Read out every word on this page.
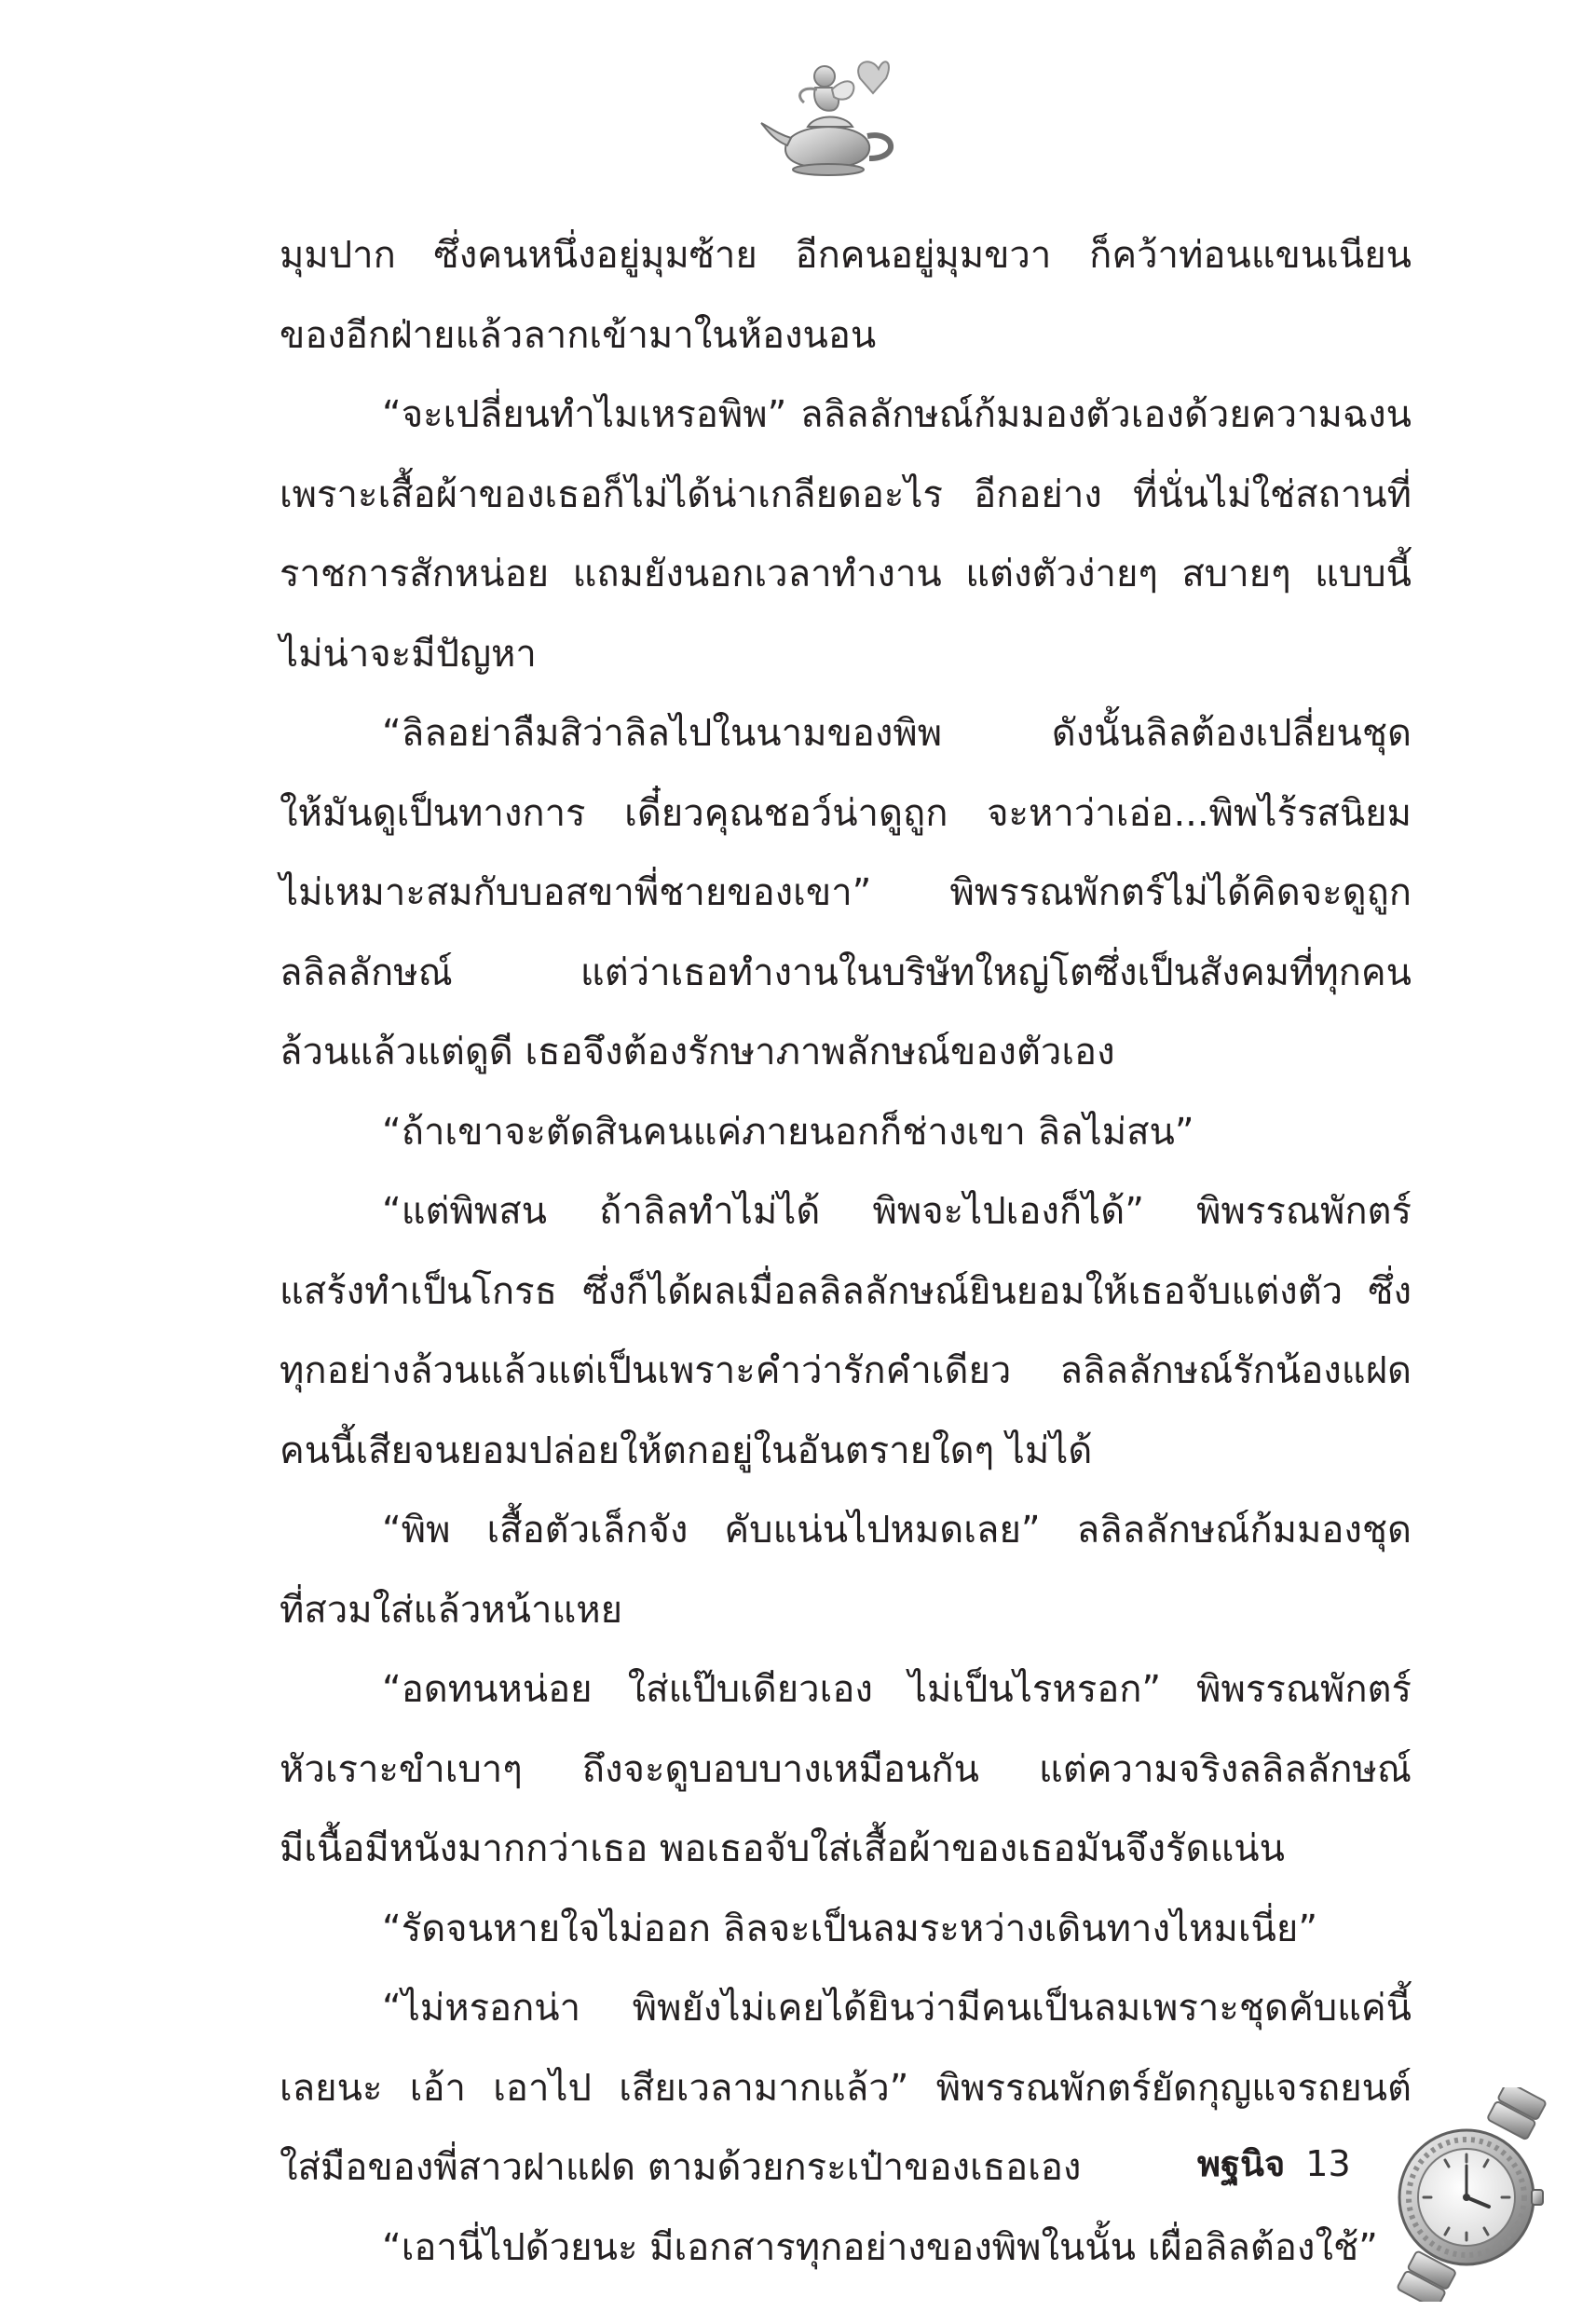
มุมปาก ซึ่งคนหนึ่งอยู่มุมซ้าย อีกคนอยู่มุมขวา ก็คว้าท่อนแขนเนียน
ของอีกฝ่ายแล้วลากเข้ามาในห้องนอน
“จะเปลี่ยนทำไมเหรอพิพ” ลลิลลักษณ์ก้มมองตัวเองด้วยความฉงน
เพราะเสื้อผ้าของเธอก็ไม่ได้น่าเกลียดอะไร อีกอย่าง ที่นั่นไม่ใช่สถานที่
ราชการสักหน่อย แถมยังนอกเวลาทำงาน แต่งตัวง่ายๆ สบายๆ แบบนี้
ไม่น่าจะมีปัญหา
“ลิลอย่าลืมสิว่าลิลไปในนามของพิพ ดังนั้นลิลต้องเปลี่ยนชุด
ให้มันดูเป็นทางการ เดี๋ยวคุณชอว์น่าดูถูก จะหาว่าเอ่อ...พิพไร้รสนิยม
ไม่เหมาะสมกับบอสขาพี่ชายของเขา” พิพรรณพักตร์ไม่ได้คิดจะดูถูก
ลลิลลักษณ์ แต่ว่าเธอทำงานในบริษัทใหญ่โตซึ่งเป็นสังคมที่ทุกคน
ล้วนแล้วแต่ดูดี เธอจึงต้องรักษาภาพลักษณ์ของตัวเอง
“ถ้าเขาจะตัดสินคนแค่ภายนอกก็ช่างเขา ลิลไม่สน”
“แต่พิพสน ถ้าลิลทำไม่ได้ พิพจะไปเองก็ได้” พิพรรณพักตร์
แสร้งทำเป็นโกรธ ซึ่งก็ได้ผลเมื่อลลิลลักษณ์ยินยอมให้เธอจับแต่งตัว ซึ่ง
ทุกอย่างล้วนแล้วแต่เป็นเพราะคำว่ารักคำเดียว ลลิลลักษณ์รักน้องแฝด
คนนี้เสียจนยอมปล่อยให้ตกอยู่ในอันตรายใดๆ ไม่ได้
“พิพ เสื้อตัวเล็กจัง คับแน่นไปหมดเลย” ลลิลลักษณ์ก้มมองชุด
ที่สวมใส่แล้วหน้าแหย
“อดทนหน่อย ใส่แป๊บเดียวเอง ไม่เป็นไรหรอก” พิพรรณพักตร์
หัวเราะขำเบาๆ ถึงจะดูบอบบางเหมือนกัน แต่ความจริงลลิลลักษณ์
มีเนื้อมีหนังมากกว่าเธอ พอเธอจับใส่เสื้อผ้าของเธอมันจึงรัดแน่น
“รัดจนหายใจไม่ออก ลิลจะเป็นลมระหว่างเดินทางไหมเนี่ย”
“ไม่หรอกน่า พิพยังไม่เคยได้ยินว่ามีคนเป็นลมเพราะชุดคับแค่นี้
เลยนะ เอ้า เอาไป เสียเวลามากแล้ว” พิพรรณพักตร์ยัดกุญแจรถยนต์
ใส่มือของพี่สาวฝาแฝด ตามด้วยกระเป๋าของเธอเอง
“เอานี่ไปด้วยนะ มีเอกสารทุกอย่างของพิพในนั้น เผื่อลิลต้องใช้”
พฐนิจ 13
